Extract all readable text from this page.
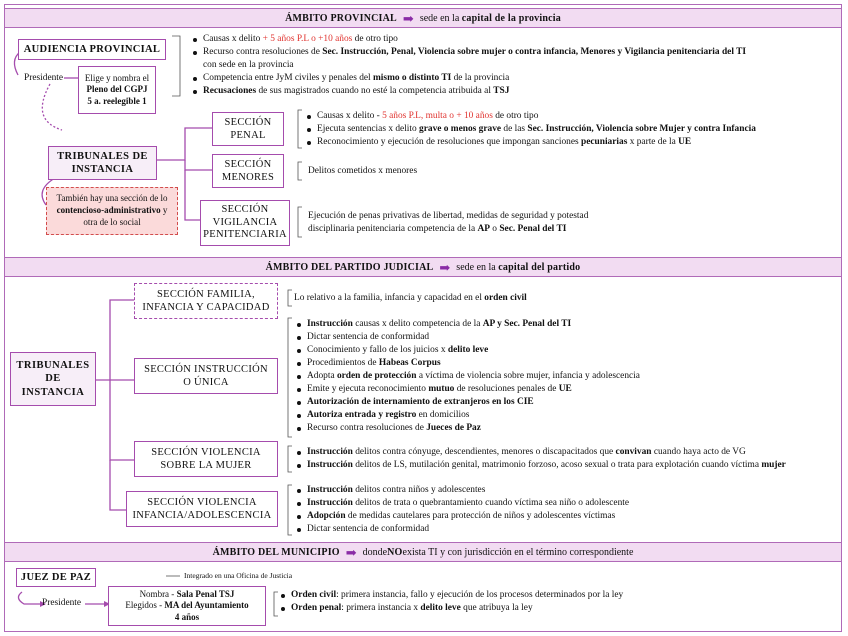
ÁMBITO PROVINCIAL ➡ sede en la
capital de la provincia
AUDIENCIA PROVINCIAL
Presidente Elige y nombra el
Pleno del CGPJ
5 a. reelegible 1
Causas x delito + 5 años P.L o +10 años de otro tipo
Recurso contra resoluciones de Sec. Instrucción, Penal, Violencia sobre mujer o contra infancia, Menores y Vigilancia penitenciaria del TI
con sede en la provincia
Competencia entre JyM civiles y penales del mismo o distinto TI de la provincia
Recusaciones de sus magistrados cuando no esté la competencia atribuida al TSJ
TRIBUNALES DE
INSTANCIA
También hay una sección de lo
contencioso-administrativo y
otra de lo social
SECCIÓN
PENAL
Causas x delito - 5 años P.L, multa o + 10 años de otro tipo
Ejecuta sentencias x delito grave o menos grave de las Sec. Instrucción, Violencia sobre Mujer y contra Infancia
Reconocimiento y ejecución de resoluciones que impongan sanciones pecuniarias x parte de la UE
SECCIÓN
MENORES
Delitos cometidos x menores
SECCIÓN
VIGILANCIA
PENITENCIARIA
Ejecución de penas privativas de libertad, medidas de seguridad y potestad
disciplinaria penitenciaria competencia de la AP o Sec. Penal del TI
ÁMBITO DEL PARTIDO JUDICIAL ➡ sede en la
capital del partido
TRIBUNALES
DE
INSTANCIA
SECCIÓN FAMILIA,
INFANCIA Y CAPACIDAD
Lo relativo a la familia, infancia y capacidad en el orden civil
SECCIÓN INSTRUCCIÓN
O ÚNICA
Instrucción causas x delito competencia de la AP y Sec. Penal del TI
Dictar sentencia de conformidad
Conocimiento y fallo de los juicios x delito leve
Procedimientos de Habeas Corpus
Adopta orden de protección a víctima de violencia sobre mujer, infancia y adolescencia
Emite y ejecuta reconocimiento mutuo de resoluciones penales de UE
Autorización de internamiento de extranjeros en los CIE
Autoriza entrada y registro en domicilios
Recurso contra resoluciones de Jueces de Paz
SECCIÓN VIOLENCIA
SOBRE LA MUJER
Instrucción delitos contra cónyuge, descendientes, menores o discapacitados que convivan cuando haya acto de VG
Instrucción delitos de LS, mutilación genital, matrimonio forzoso, acoso sexual o trata para explotación cuando víctima mujer
SECCIÓN VIOLENCIA
INFANCIA/ADOLESCENCIA
Instrucción delitos contra niños y adolescentes
Instrucción delitos de trata o quebrantamiento cuando víctima sea niño o adolescente
Adopción de medidas cautelares para protección de niños y adolescentes víctimas
Dictar sentencia de conformidad
ÁMBITO DEL MUNICIPIO ➡ donde NO exista TI y con jurisdicción en el término correspondiente
JUEZ DE PAZ	Integrado en una Oficina de Justicia
Presidente
Nombra - Sala Penal TSJ
Elegidos - MA del Ayuntamiento
4 años
Orden civil: primera instancia, fallo y ejecución de los procesos determinados por la ley
Orden penal: primera instancia x delito leve que atribuya la ley
